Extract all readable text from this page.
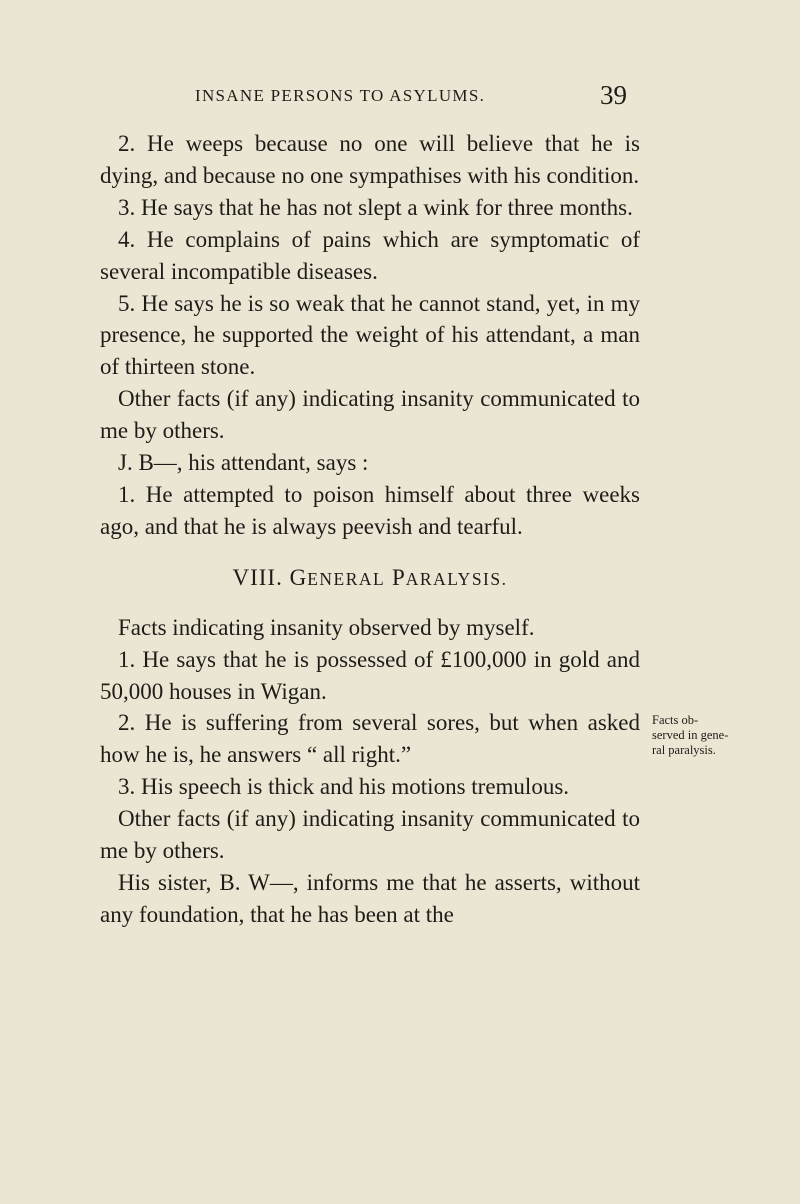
INSANE PERSONS TO ASYLUMS.	39

2. He weeps because no one will believe that he is dying, and because no one sympathises with his condition.

3. He says that he has not slept a wink for three months.

4. He complains of pains which are symptomatic of several incompatible diseases.

5. He says he is so weak that he cannot stand, yet, in my presence, he supported the weight of his attendant, a man of thirteen stone.

Other facts (if any) indicating insanity communicated to me by others.

J. B—, his attendant, says :

1. He attempted to poison himself about three weeks ago, and that he is always peevish and tearful.

VIII. GENERAL PARALYSIS.

Facts indicating insanity observed by myself.

1. He says that he is possessed of £100,000 in gold and 50,000 houses in Wigan.

2. He is suffering from several sores, but when asked how he is, he answers “ all right.”

3. His speech is thick and his motions tremulous.

Other facts (if any) indicating insanity communicated to me by others.

His sister, B. W—, informs me that he asserts, without any foundation, that he has been at the

Facts ob-
served in gene-
ral paralysis.
